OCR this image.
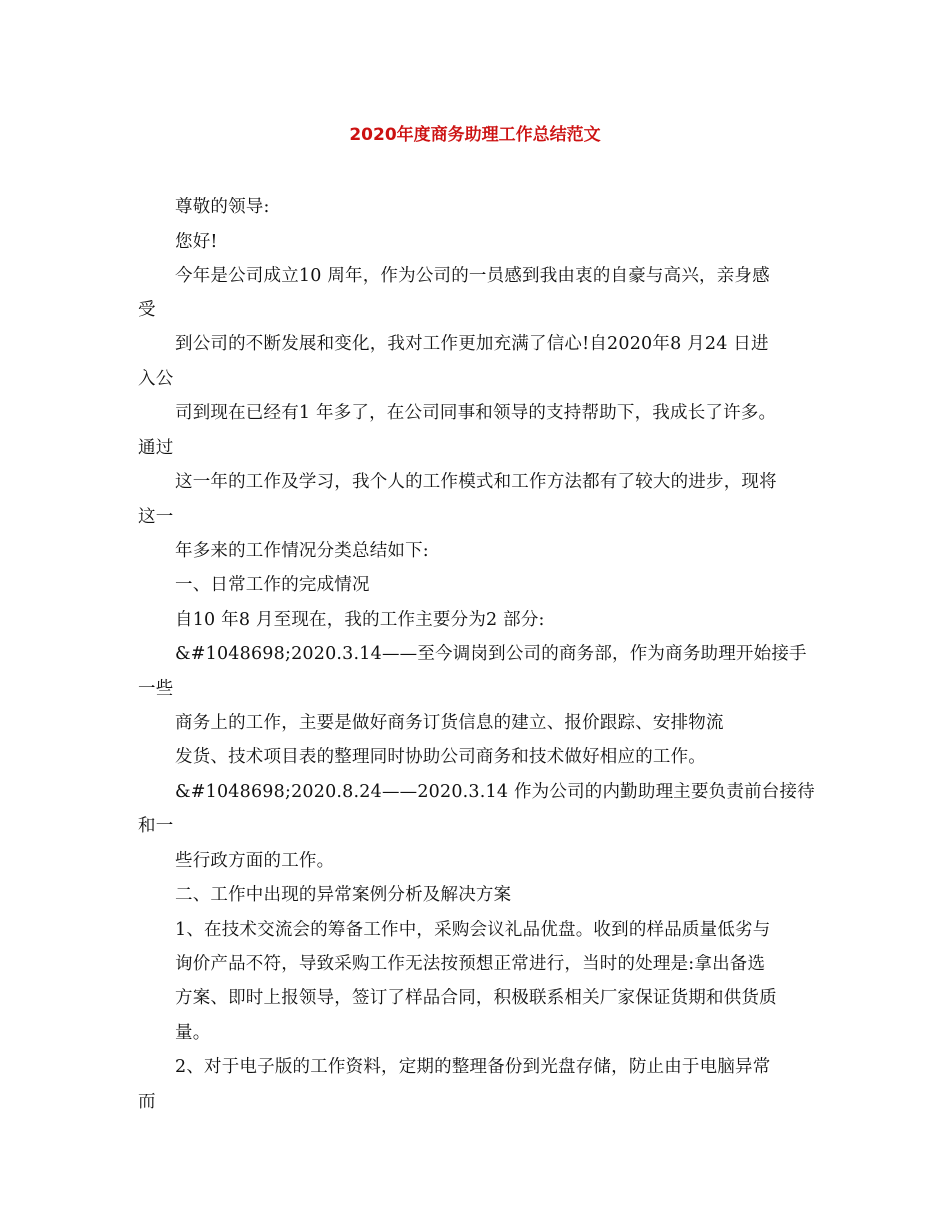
2020年度商务助理工作总结范文
尊敬的领导:
您好!
今年是公司成立10 周年，作为公司的一员感到我由衷的自豪与高兴，亲身感
受
到公司的不断发展和变化，我对工作更加充满了信心!自2020年8 月24 日进
入公
司到现在已经有1 年多了，在公司同事和领导的支持帮助下，我成长了许多。
通过
这一年的工作及学习，我个人的工作模式和工作方法都有了较大的进步，现将
这一
年多来的工作情况分类总结如下:
一、日常工作的完成情况
自10 年8 月至现在，我的工作主要分为2 部分:
&#1048698;2020.3.14——至今调岗到公司的商务部，作为商务助理开始接手
一些
商务上的工作，主要是做好商务订货信息的建立、报价跟踪、安排物流
发货、技术项目表的整理同时协助公司商务和技术做好相应的工作。
&#1048698;2020.8.24——2020.3.14 作为公司的内勤助理主要负责前台接待
和一
些行政方面的工作。
二、工作中出现的异常案例分析及解决方案
1、在技术交流会的筹备工作中，采购会议礼品优盘。收到的样品质量低劣与
询价产品不符，导致采购工作无法按预想正常进行，当时的处理是:拿出备选
方案、即时上报领导，签订了样品合同，积极联系相关厂家保证货期和供货质
量。
2、对于电子版的工作资料，定期的整理备份到光盘存储，防止由于电脑异常
而
